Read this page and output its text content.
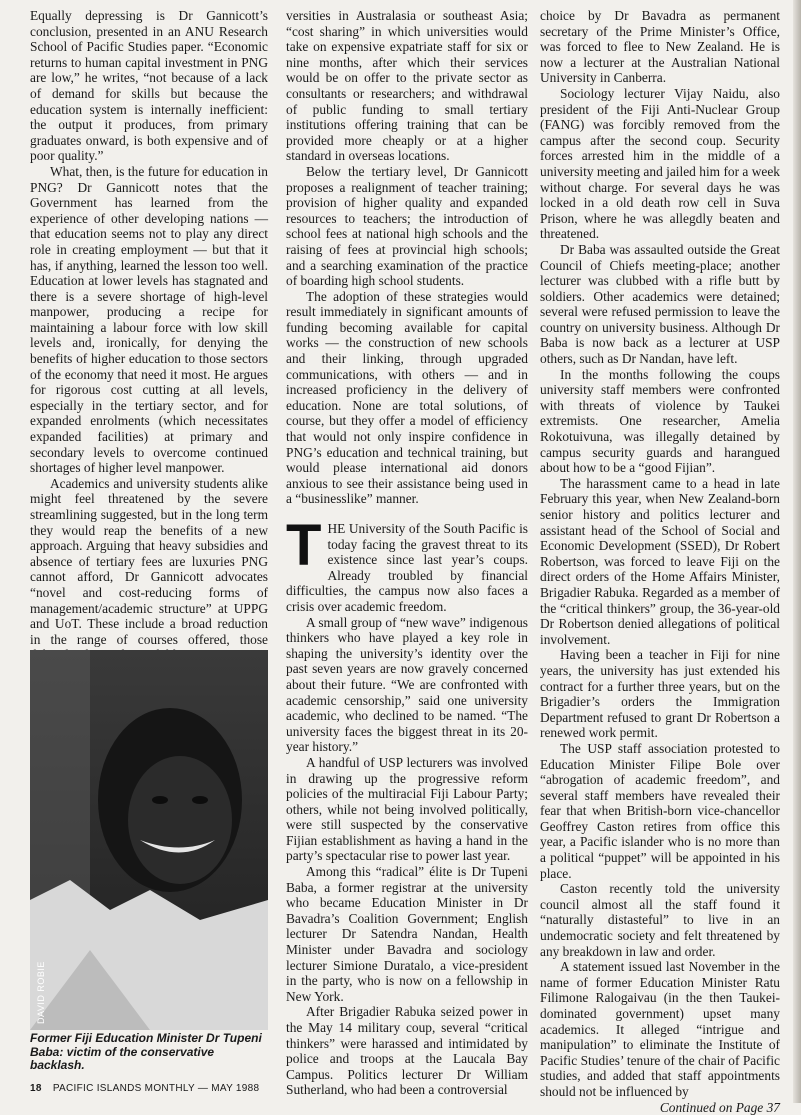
Equally depressing is Dr Gannicott’s conclusion, presented in an ANU Research School of Pacific Studies paper. “Economic returns to human capital investment in PNG are low,” he writes, “not because of a lack of demand for skills but because the education system is internally inefficient: the output it produces, from primary graduates onward, is both expensive and of poor quality.”

What, then, is the future for education in PNG? Dr Gannicott notes that the Government has learned from the experience of other developing nations — that education seems not to play any direct role in creating employment — but that it has, if anything, learned the lesson too well. Education at lower levels has stagnated and there is a severe shortage of high-level manpower, producing a recipe for maintaining a labour force with low skill levels and, ironically, for denying the benefits of higher education to those sectors of the economy that need it most. He argues for rigorous cost cutting at all levels, especially in the tertiary sector, and for expanded enrolments (which necessitates expanded facilities) at primary and secondary levels to overcome continued shortages of higher level manpower.

Academics and university students alike might feel threatened by the severe streamlining suggested, but in the long term they would reap the benefits of a new approach. Arguing that heavy subsidies and absence of tertiary fees are luxuries PNG cannot afford, Dr Gannicott advocates “novel and cost-reducing forms of management/academic structure” at UPPG and UoT. These include a broad reduction in the range of courses offered, those

DAVID ROBIE
Former Fiji Education Minister Dr Tupeni Baba: victim of the conservative backlash.

versities in Australasia or southeast Asia; “cost sharing” in which universities would take on expensive expatriate staff for six or nine months, after which their services would be on offer to the private sector as consultants or researchers; and withdrawal of public funding to small tertiary institutions offering training that can be provided more cheaply or at a higher standard in overseas locations.

Below the tertiary level, Dr Gannicott proposes a realignment of teacher training; provision of higher quality and expanded resources to teachers; the introduction of school fees at national high schools and the raising of fees at provincial high schools; and a searching examination of the practice of boarding high school students.

The adoption of these strategies would result immediately in significant amounts of funding becoming available for capital works — the construction of new schools and their linking, through upgraded communications, with others — and in increased proficiency in the delivery of education. None are total solutions, of course, but they offer a model of efficiency that would not only inspire confidence in PNG’s education and technical training, but would please international aid donors anxious to see their assistance being used in a “businesslike” manner.

THE University of the South Pacific is today facing the gravest threat to its existence since last year’s coups. Already troubled by financial difficulties, the campus now also faces a crisis over academic freedom.

A small group of “new wave” indigenous thinkers who have played a key role in shaping the university’s identity over the past seven years are now gravely concerned about their future. “We are confronted with academic censorship,” said one university academic, who declined to be named. “The university faces the biggest threat in its 20-year history.”

A handful of USP lecturers was involved in drawing up the progressive reform policies of the multiracial Fiji Labour Party; others, while not being involved politically, were still suspected by the conservative Fijian establishment as having a hand in the party’s spectacular rise to power last year.

Among this “radical” élite is Dr Tupeni Baba, a former registrar at the university who became Education Minister in Dr Bavadra’s Coalition Government; English lecturer Dr Satendra Nandan, Health Minister under Bavadra and sociology lecturer Simione Duratalo, a vice-president in the party, who is now on a fellowship in New York.

After Brigadier Rabuka seized power in the May 14 military coup, several “critical thinkers” were harassed and intimidated by police and troops at the Laucala Bay Campus. Politics lecturer Dr William Sutherland, who had been a controversial

choice by Dr Bavadra as permanent secretary of the Prime Minister’s Office, was forced to flee to New Zealand. He is now a lecturer at the Australian National University in Canberra.

Sociology lecturer Vijay Naidu, also president of the Fiji Anti-Nuclear Group (FANG) was forcibly removed from the campus after the second coup. Security forces arrested him in the middle of a university meeting and jailed him for a week without charge. For several days he was locked in a old death row cell in Suva Prison, where he was allegdly beaten and threatened.

Dr Baba was assaulted outside the Great Council of Chiefs meeting-place; another lecturer was clubbed with a rifle butt by soldiers. Other academics were detained; several were refused permission to leave the country on university business. Although Dr Baba is now back as a lecturer at USP others, such as Dr Nandan, have left.

In the months following the coups university staff members were confronted with threats of violence by Taukei extremists. One researcher, Amelia Rokotuivuna, was illegally detained by campus security guards and harangued about how to be a “good Fijian”.

The harassment came to a head in late February this year, when New Zealand-born senior history and politics lecturer and assistant head of the School of Social and Economic Development (SSED), Dr Robert Robertson, was forced to leave Fiji on the direct orders of the Home Affairs Minister, Brigadier Rabuka. Regarded as a member of the “critical thinkers” group, the 36-year-old Dr Robertson denied allegations of political involvement.

Having been a teacher in Fiji for nine years, the university has just extended his contract for a further three years, but on the Brigadier’s orders the Immigration Department refused to grant Dr Robertson a renewed work permit.

The USP staff association protested to Education Minister Filipe Bole over “abrogation of academic freedom”, and several staff members have revealed their fear that when British-born vice-chancellor Geoffrey Caston retires from office this year, a Pacific islander who is no more than a political “puppet” will be appointed in his place.

Caston recently told the university council almost all the staff found it “naturally distasteful” to live in an undemocratic society and felt threatened by any breakdown in law and order.

A statement issued last November in the name of former Education Minister Ratu Filimone Ralogaivau (in the then Taukei-dominated government) upset many academics. It alleged “intrigue and manipulation” to eliminate the Institute of Pacific Studies’ tenure of the chair of Pacific studies, and added that staff appointments should not be influenced by

Continued on Page 37

18 PACIFIC ISLANDS MONTHLY — MAY 1988
